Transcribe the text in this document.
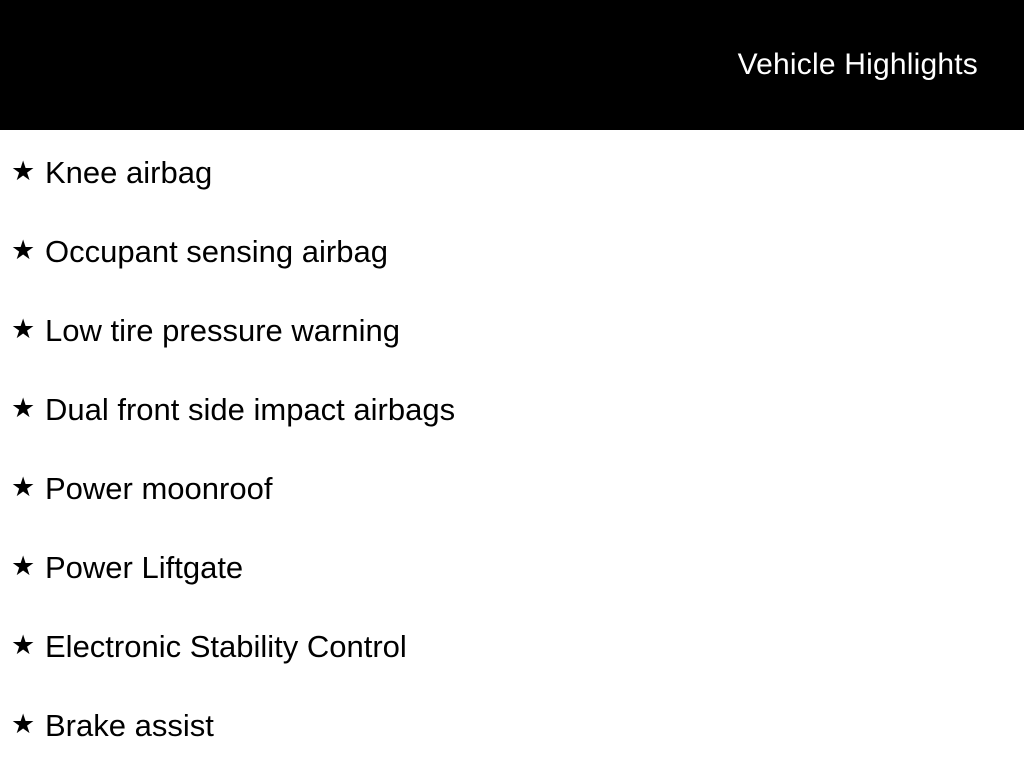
Vehicle Highlights
★ Knee airbag
★ Occupant sensing airbag
★ Low tire pressure warning
★ Dual front side impact airbags
★ Power moonroof
★ Power Liftgate
★ Electronic Stability Control
★ Brake assist
